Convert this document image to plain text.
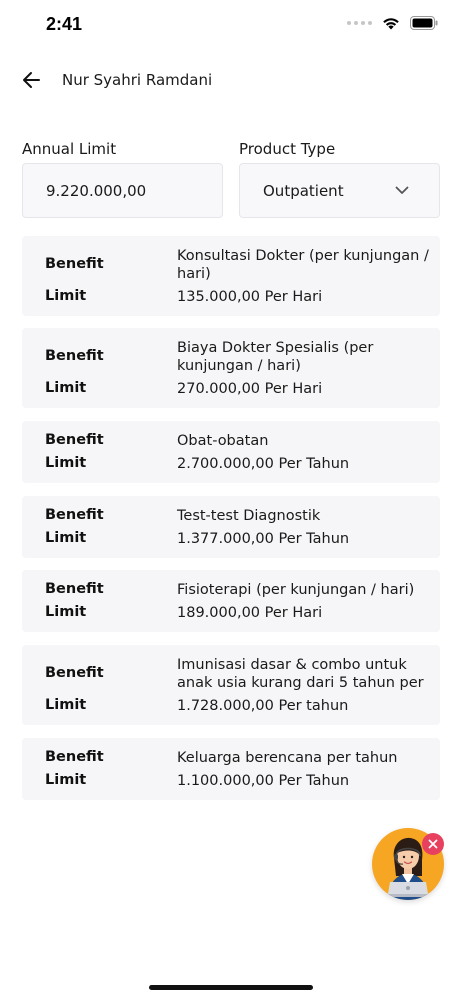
2:41
Nur Syahri Ramdani
Annual Limit	Product Type
9.220.000,00	Outpatient
Benefit	Konsultasi Dokter (per kunjungan / hari)
Limit	135.000,00 Per Hari
Benefit	Biaya Dokter Spesialis (per kunjungan / hari)
Limit	270.000,00 Per Hari
Benefit	Obat-obatan
Limit	2.700.000,00 Per Tahun
Benefit	Test-test Diagnostik
Limit	1.377.000,00 Per Tahun
Benefit	Fisioterapi (per kunjungan / hari)
Limit	189.000,00 Per Hari
Benefit	Imunisasi dasar & combo untuk anak usia kurang dari 5 tahun per
Limit	1.728.000,00 Per tahun
Benefit	Keluarga berencana per tahun
Limit	1.100.000,00 Per Tahun
